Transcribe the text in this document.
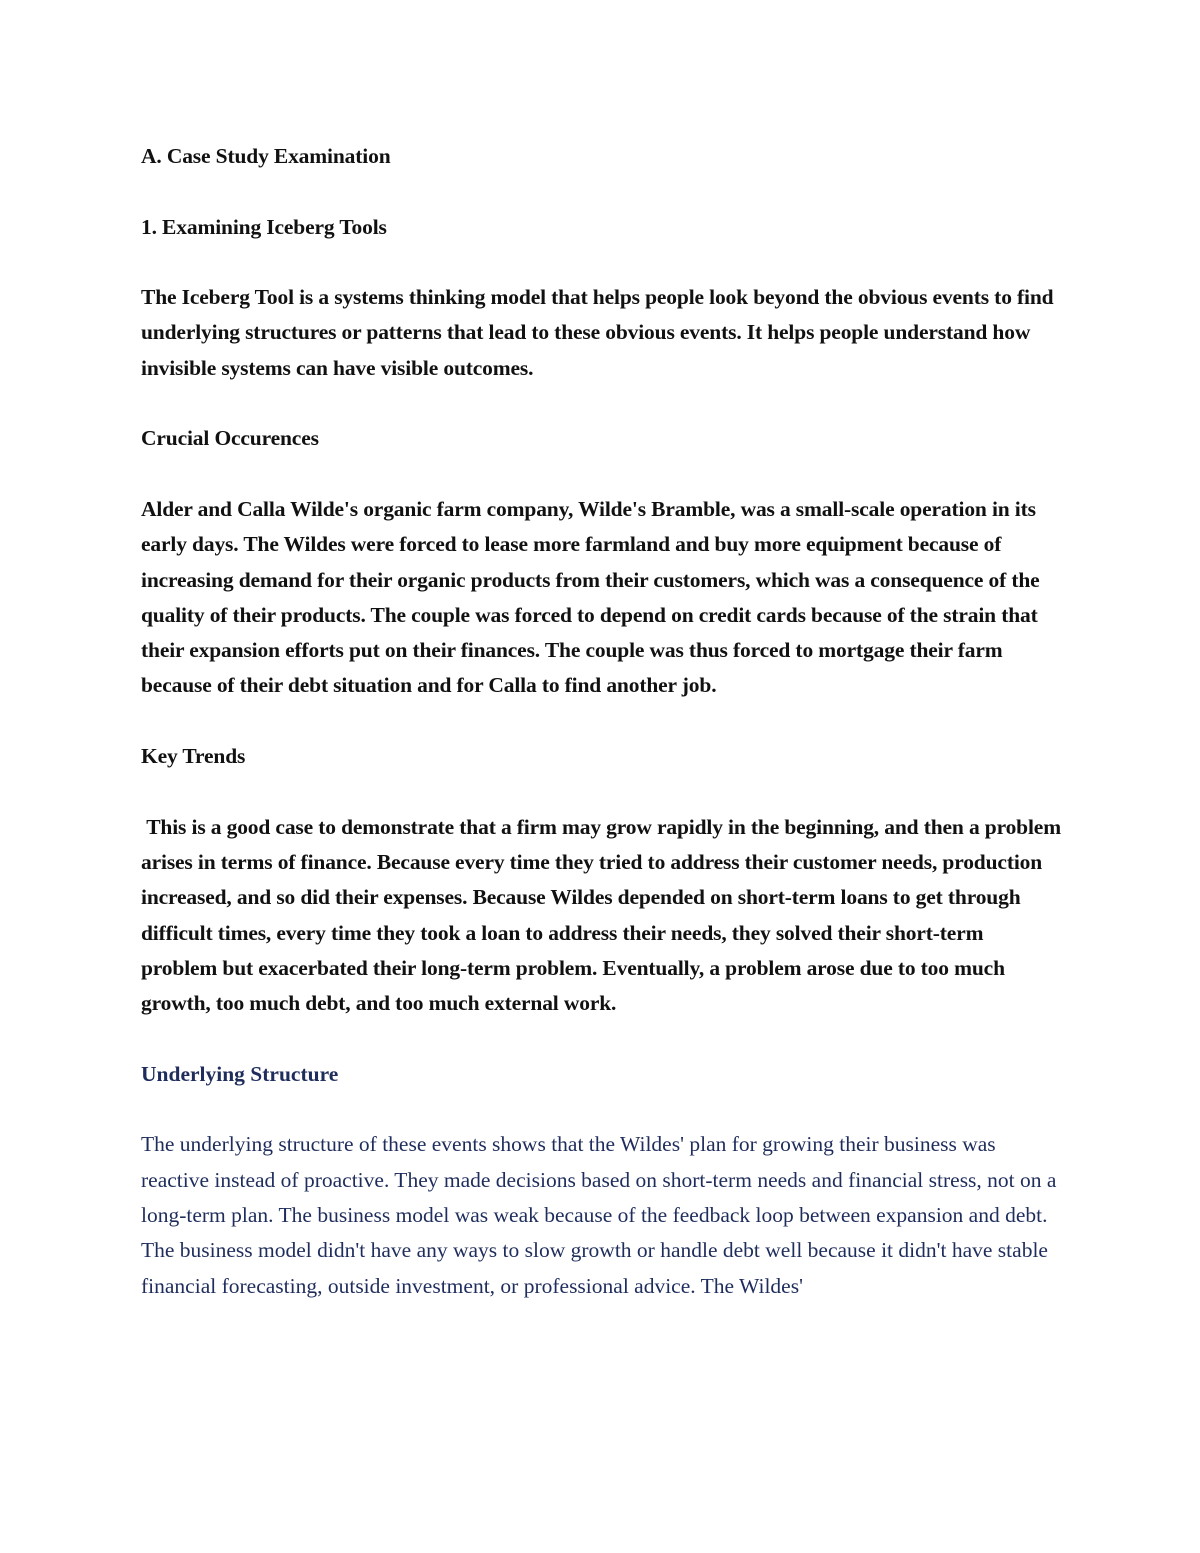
A. Case Study Examination

1. Examining Iceberg Tools

The Iceberg Tool is a systems thinking model that helps people look beyond the obvious events to find underlying structures or patterns that lead to these obvious events. It helps people understand how invisible systems can have visible outcomes.

Crucial Occurences

Alder and Calla Wilde's organic farm company, Wilde's Bramble, was a small-scale operation in its early days. The Wildes were forced to lease more farmland and buy more equipment because of increasing demand for their organic products from their customers, which was a consequence of the quality of their products. The couple was forced to depend on credit cards because of the strain that their expansion efforts put on their finances. The couple was thus forced to mortgage their farm because of their debt situation and for Calla to find another job.

Key Trends

This is a good case to demonstrate that a firm may grow rapidly in the beginning, and then a problem arises in terms of finance. Because every time they tried to address their customer needs, production increased, and so did their expenses. Because Wildes depended on short-term loans to get through difficult times, every time they took a loan to address their needs, they solved their short-term problem but exacerbated their long-term problem. Eventually, a problem arose due to too much growth, too much debt, and too much external work.

Underlying Structure

The underlying structure of these events shows that the Wildes' plan for growing their business was reactive instead of proactive. They made decisions based on short-term needs and financial stress, not on a long-term plan. The business model was weak because of the feedback loop between expansion and debt. The business model didn't have any ways to slow growth or handle debt well because it didn't have stable financial forecasting, outside investment, or professional advice. The Wildes'
